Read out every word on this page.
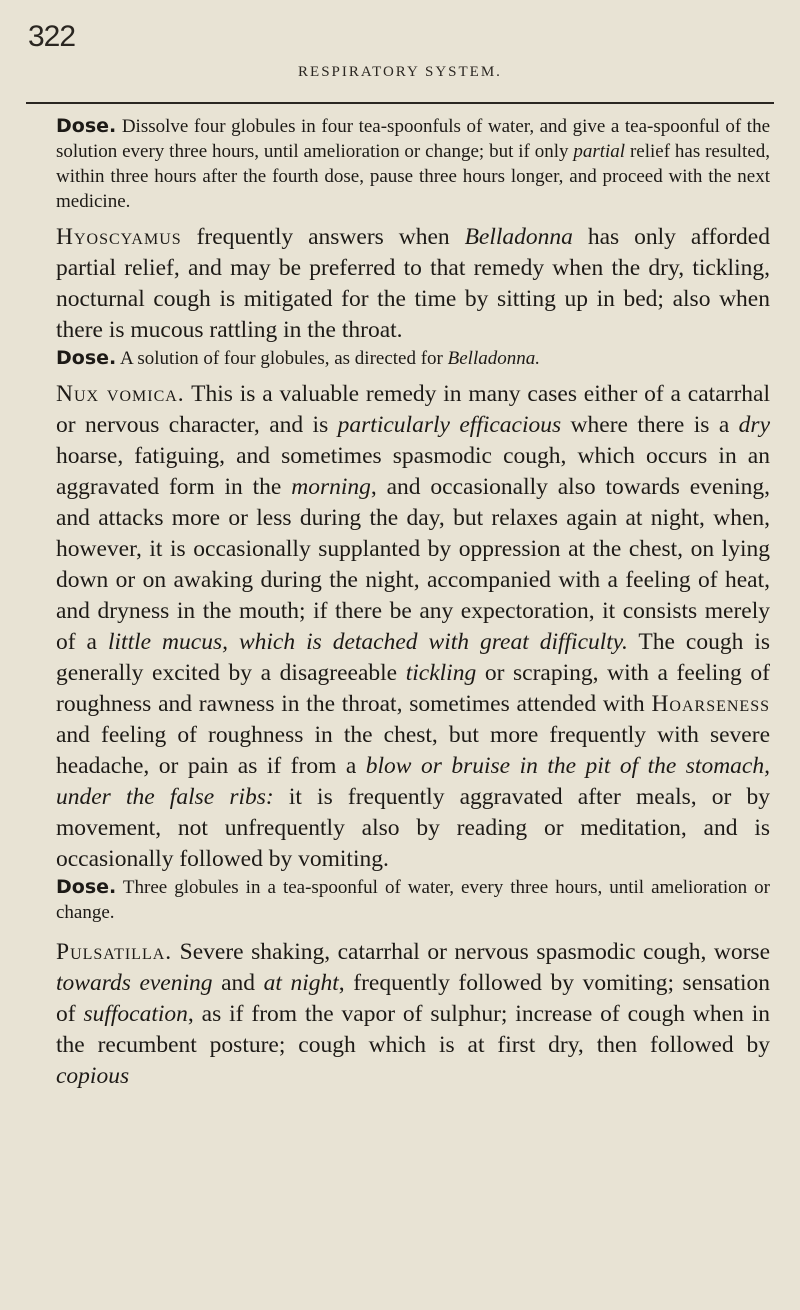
322
RESPIRATORY SYSTEM.

Dose. Dissolve four globules in four tea-spoonfuls of water, and give a tea-spoonful of the solution every three hours, until amelioration or change; but if only partial relief has resulted, within three hours after the fourth dose, pause three hours longer, and proceed with the next medicine.

Hyoscyamus frequently answers when Belladonna has only afforded partial relief, and may be preferred to that remedy when the dry, tickling, nocturnal cough is mitigated for the time by sitting up in bed; also when there is mucous rattling in the throat.

Dose. A solution of four globules, as directed for Belladonna.

Nux vomica. This is a valuable remedy in many cases either of a catarrhal or nervous character, and is particularly efficacious where there is a dry hoarse, fatiguing, and sometimes spasmodic cough, which occurs in an aggravated form in the morning, and occasionally also towards evening, and attacks more or less during the day, but relaxes again at night, when, however, it is occasionally supplanted by oppression at the chest, on lying down or on awaking during the night, accompanied with a feeling of heat, and dryness in the mouth; if there be any expectoration, it consists merely of a little mucus, which is detached with great difficulty. The cough is generally excited by a disagreeable tickling or scraping, with a feeling of roughness and rawness in the throat, sometimes attended with Hoarseness and feeling of roughness in the chest, but more frequently with severe headache, or pain as if from a blow or bruise in the pit of the stomach, under the false ribs: it is frequently aggravated after meals, or by movement, not unfrequently also by reading or meditation, and is occasionally followed by vomiting.

Dose. Three globules in a tea-spoonful of water, every three hours, until amelioration or change.

Pulsatilla. Severe shaking, catarrhal or nervous spasmodic cough, worse towards evening and at night, frequently followed by vomiting; sensation of suffocation, as if from the vapor of sulphur; increase of cough when in the recumbent posture; cough which is at first dry, then followed by copious
